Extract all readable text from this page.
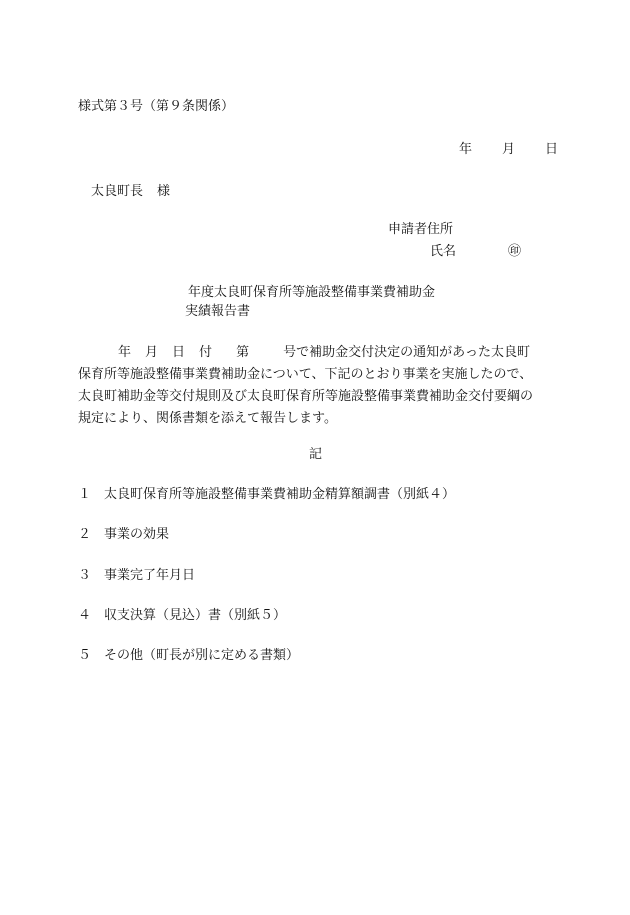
様式第３号（第９条関係）
年 月 日
太良町長 様
申請者住所
氏名	㊞
年度太良町保育所等施設整備事業費補助金
実績報告書
年 月 日 付 第	号で補助金交付決定の通知があった太良町
保育所等施設整備事業費補助金について、下記のとおり事業を実施したので、
太良町補助金等交付規則及び太良町保育所等施設整備事業費補助金交付要綱の
規定により、関係書類を添えて報告します。
記
１ 太良町保育所等施設整備事業費補助金精算額調書（別紙４）
２ 事業の効果
３ 事業完了年月日
４ 収支決算（見込）書（別紙５）
５ その他（町長が別に定める書類）
